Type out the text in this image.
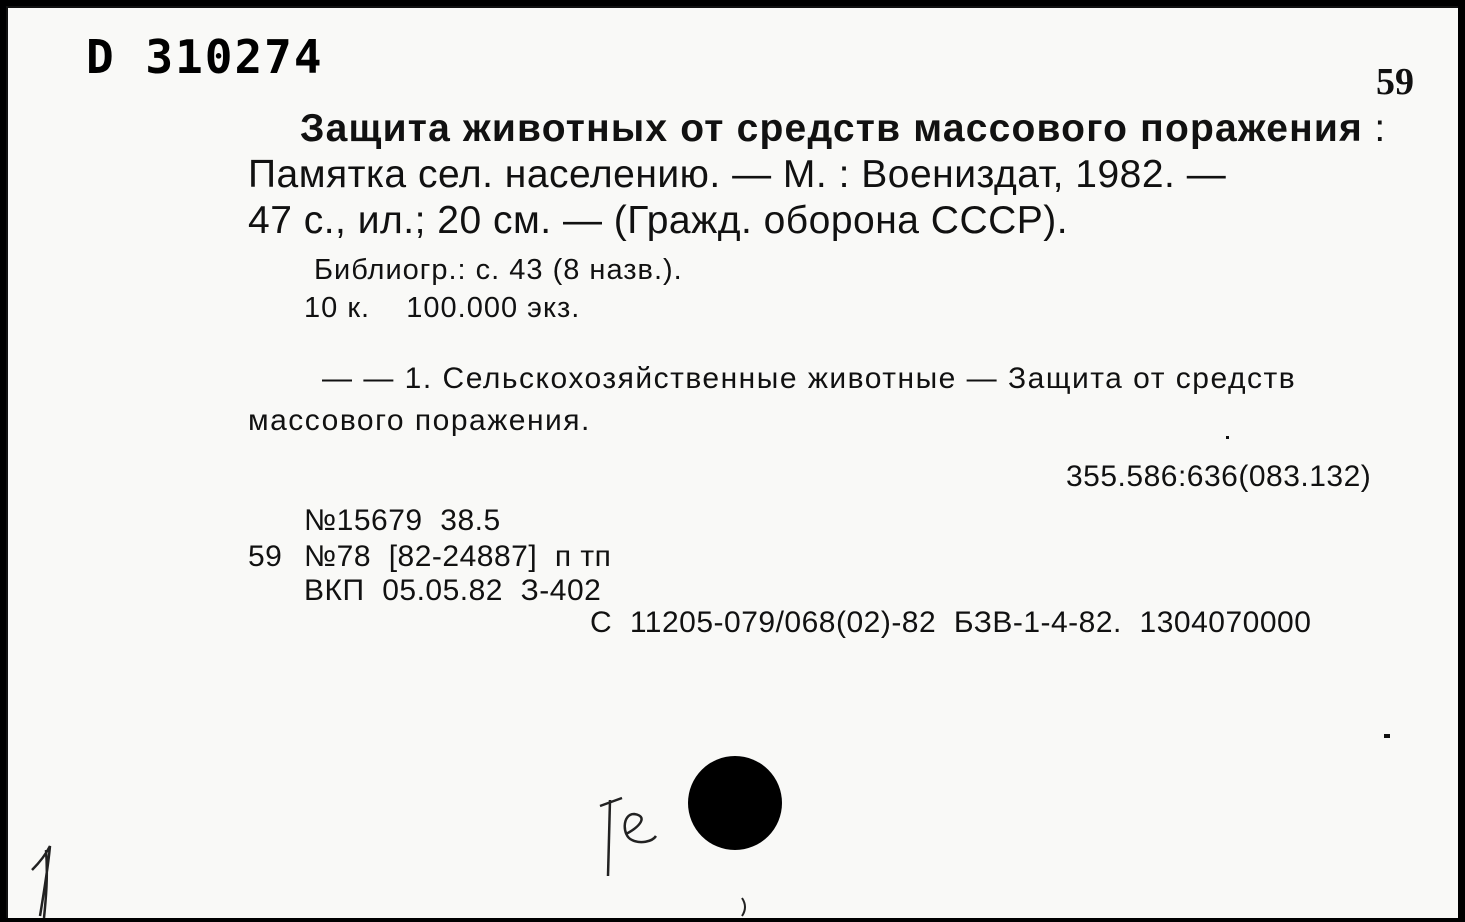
D 310274	59
Защита животных от средств массового поражения :
Памятка сел. населению. — М. : Воениздат, 1982. —
47 с., ил.; 20 см. — (Гражд. оборона СССР).
Библиогр.: с. 43 (8 назв.).
10 к.    100.000 экз.
— — 1. Сельскохозяйственные животные — Защита от средств
массового поражения.
355.586:636(083.132)
№15679  38.5
59 №78  [82-24887]  п тп
ВКП  05.05.82  З-402
С  11205-079/068(02)-82  БЗВ-1-4-82.  1304070000
